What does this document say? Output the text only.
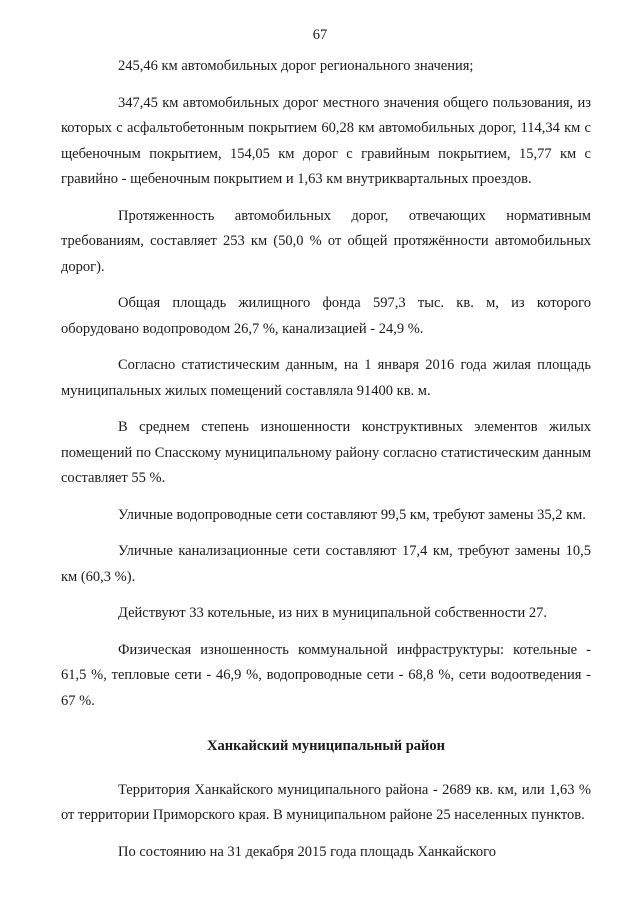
67

245,46 км автомобильных дорог регионального значения;

347,45 км автомобильных дорог местного значения общего пользования, из которых с асфальтобетонным покрытием 60,28 км автомобильных дорог, 114,34 км с щебеночным покрытием, 154,05 км дорог с гравийным покрытием, 15,77 км с гравийно - щебеночным покрытием и 1,63 км внутриквартальных проездов.

Протяженность автомобильных дорог, отвечающих нормативным требованиям, составляет 253 км (50,0 % от общей протяжённости автомобильных дорог).

Общая площадь жилищного фонда 597,3 тыс. кв. м, из которого оборудовано водопроводом 26,7 %, канализацией - 24,9 %.

Согласно статистическим данным, на 1 января 2016 года жилая площадь муниципальных жилых помещений составляла 91400 кв. м.

В среднем степень изношенности конструктивных элементов жилых помещений по Спасскому муниципальному району согласно статистическим данным составляет 55 %.

Уличные водопроводные сети составляют 99,5 км, требуют замены 35,2 км.

Уличные канализационные сети составляют 17,4 км, требуют замены 10,5 км (60,3 %).

Действуют 33 котельные, из них в муниципальной собственности 27.

Физическая изношенность коммунальной инфраструктуры: котельные - 61,5 %, тепловые сети - 46,9 %, водопроводные сети - 68,8 %, сети водоотведения - 67 %.

Ханкайский муниципальный район

Территория Ханкайского муниципального района - 2689 кв. км, или 1,63 % от территории Приморского края. В муниципальном районе 25 населенных пунктов.

По состоянию на 31 декабря 2015 года площадь Ханкайского
